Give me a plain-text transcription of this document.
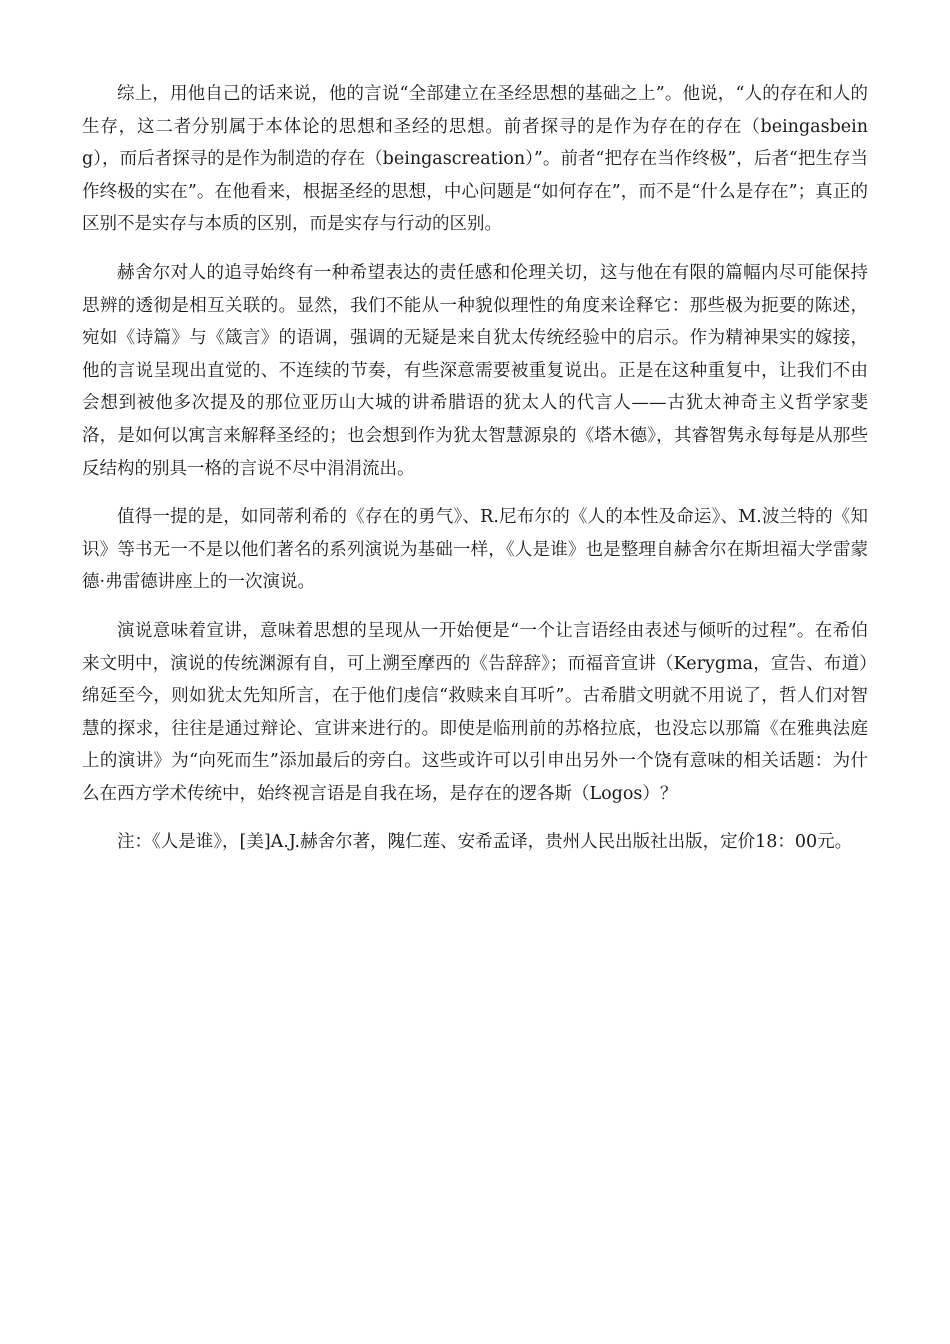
综上，用他自己的话来说，他的言说“全部建立在圣经思想的基础之上”。他说，“人的存在和人的生存，这二者分别属于本体论的思想和圣经的思想。前者探寻的是作为存在的存在（beingasbeing），而后者探寻的是作为制造的存在（beingascreation）”。前者“把存在当作终极”，后者“把生存当作终极的实在”。在他看来，根据圣经的思想，中心问题是“如何存在”，而不是“什么是存在”；真正的区别不是实存与本质的区别，而是实存与行动的区别。

赫舍尔对人的追寻始终有一种希望表达的责任感和伦理关切，这与他在有限的篇幅内尽可能保持思辨的透彻是相互关联的。显然，我们不能从一种貌似理性的角度来诠释它：那些极为扼要的陈述，宛如《诗篇》与《箴言》的语调，强调的无疑是来自犹太传统经验中的启示。作为精神果实的嫁接，他的言说呈现出直觉的、不连续的节奏，有些深意需要被重复说出。正是在这种重复中，让我们不由会想到被他多次提及的那位亚历山大城的讲希腊语的犹太人的代言人——古犹太神奇主义哲学家斐洛，是如何以寓言来解释圣经的；也会想到作为犹太智慧源泉的《塔木德》，其睿智隽永每每是从那些反结构的别具一格的言说不尽中涓涓流出。

值得一提的是，如同蒂利希的《存在的勇气》、R.尼布尔的《人的本性及命运》、M.波兰特的《知识》等书无一不是以他们著名的系列演说为基础一样，《人是谁》也是整理自赫舍尔在斯坦福大学雷蒙德·弗雷德讲座上的一次演说。

演说意味着宣讲，意味着思想的呈现从一开始便是“一个让言语经由表述与倾听的过程”。在希伯来文明中，演说的传统渊源有自，可上溯至摩西的《告辞辞》；而福音宣讲（Kerygma，宣告、布道）绵延至今，则如犹太先知所言，在于他们虔信“救赎来自耳听”。古希腊文明就不用说了，哲人们对智慧的探求，往往是通过辩论、宣讲来进行的。即使是临刑前的苏格拉底，也没忘以那篇《在雅典法庭上的演讲》为“向死而生”添加最后的旁白。这些或许可以引申出另外一个饶有意味的相关话题：为什么在西方学术传统中，始终视言语是自我在场，是存在的逻各斯（Logos）？

注：《人是谁》，[美]A.J.赫舍尔著，隗仁莲、安希孟译，贵州人民出版社出版，定价18：00元。
